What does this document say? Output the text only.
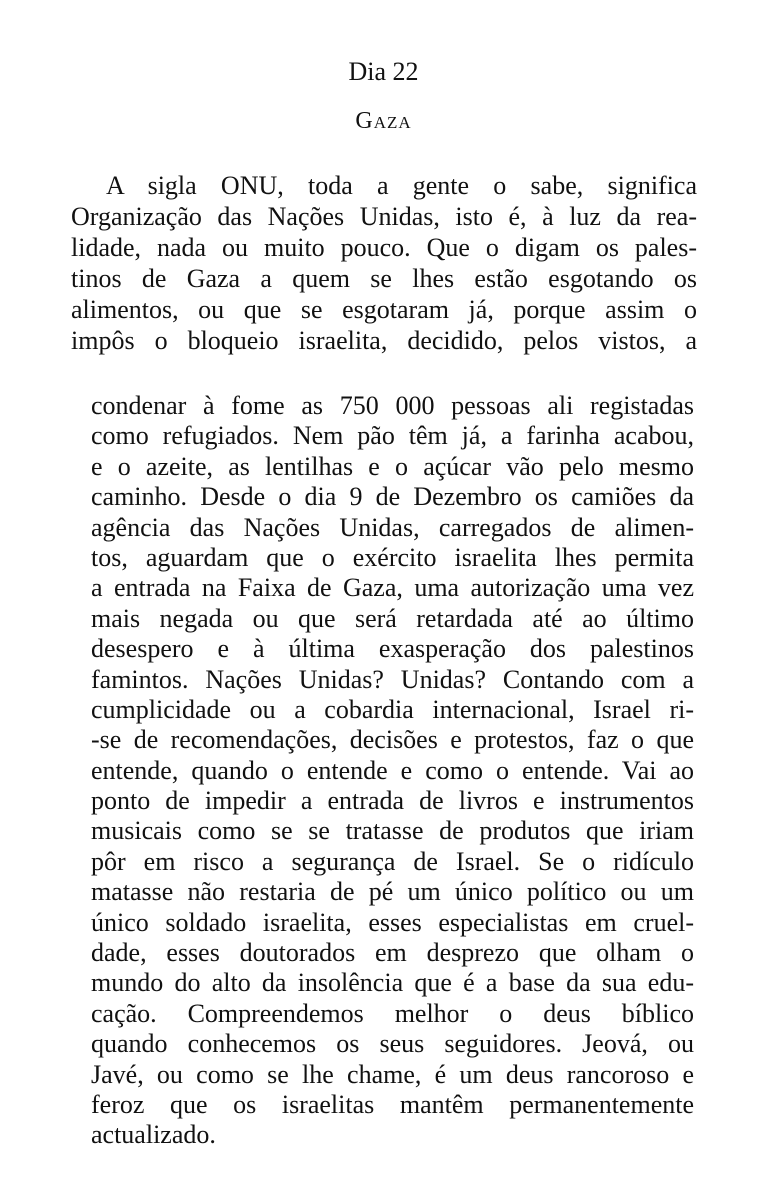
Dia 22
Gaza
A sigla ONU, toda a gente o sabe, significa
Organização das Nações Unidas, isto é, à luz da rea-
lidade, nada ou muito pouco. Que o digam os pales-
tinos de Gaza a quem se lhes estão esgotando os
alimentos, ou que se esgotaram já, porque assim o
impôs o bloqueio israelita, decidido, pelos vistos, a
condenar à fome as 750 000 pessoas ali registadas
como refugiados. Nem pão têm já, a farinha acabou,
e o azeite, as lentilhas e o açúcar vão pelo mesmo
caminho. Desde o dia 9 de Dezembro os camiões da
agência das Nações Unidas, carregados de alimen-
tos, aguardam que o exército israelita lhes permita
a entrada na Faixa de Gaza, uma autorização uma vez
mais negada ou que será retardada até ao último
desespero e à última exasperação dos palestinos
famintos. Nações Unidas? Unidas? Contando com a
cumplicidade ou a cobardia internacional, Israel ri-
-se de recomendações, decisões e protestos, faz o que
entende, quando o entende e como o entende. Vai ao
ponto de impedir a entrada de livros e instrumentos
musicais como se se tratasse de produtos que iriam
pôr em risco a segurança de Israel. Se o ridículo
matasse não restaria de pé um único político ou um
único soldado israelita, esses especialistas em cruel-
dade, esses doutorados em desprezo que olham o
mundo do alto da insolência que é a base da sua edu-
cação. Compreendemos melhor o deus bíblico
quando conhecemos os seus seguidores. Jeová, ou
Javé, ou como se lhe chame, é um deus rancoroso e
feroz que os israelitas mantêm permanentemente
actualizado.
